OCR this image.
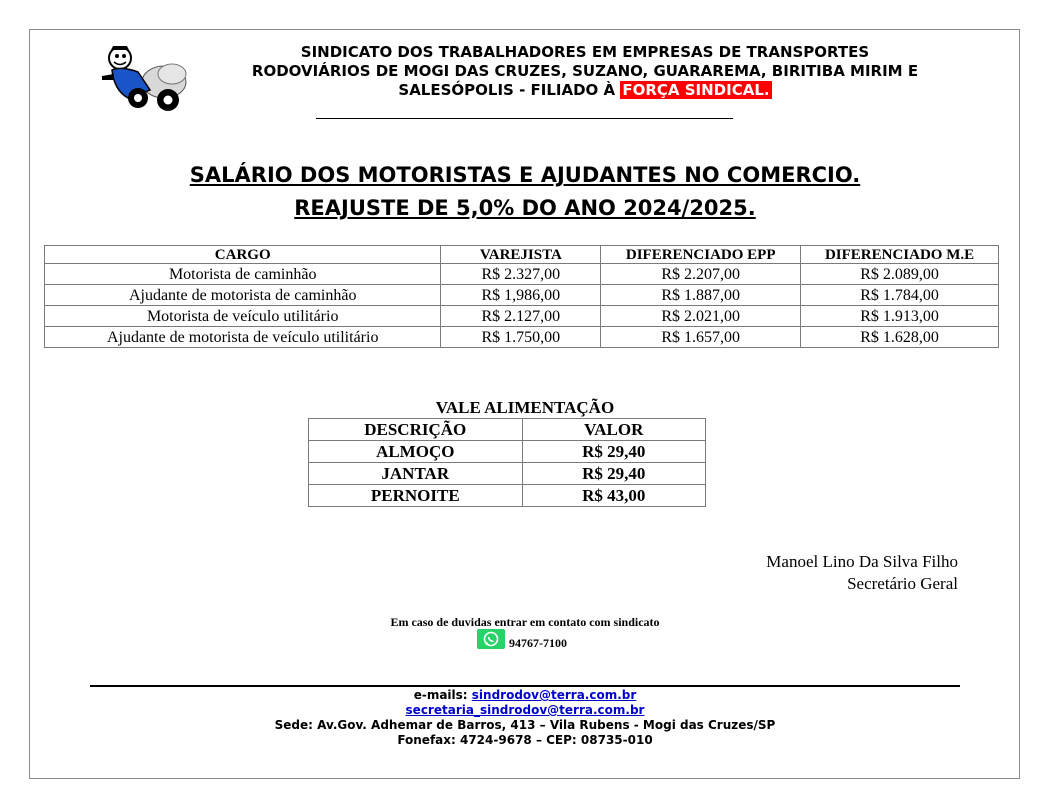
SINDICATO DOS TRABALHADORES EM EMPRESAS DE TRANSPORTES
RODOVIÁRIOS DE MOGI DAS CRUZES, SUZANO, GUARAREMA, BIRITIBA MIRIM E
SALESÓPOLIS - FILIADO À FORÇA SINDICAL.
SALÁRIO DOS MOTORISTAS E AJUDANTES NO COMERCIO.
REAJUSTE DE 5,0% DO ANO 2024/2025.
CARGO	VAREJISTA	DIFERENCIADO EPP	DIFERENCIADO M.E
Motorista de caminhão	R$ 2.327,00	R$ 2.207,00	R$ 2.089,00
Ajudante de motorista de caminhão	R$ 1,986,00	R$ 1.887,00	R$ 1.784,00
Motorista de veículo utilitário	R$ 2.127,00	R$ 2.021,00	R$ 1.913,00
Ajudante de motorista de veículo utilitário	R$ 1.750,00	R$ 1.657,00	R$ 1.628,00
VALE ALIMENTAÇÃO
DESCRIÇÃO	VALOR
ALMOÇO	R$ 29,40
JANTAR	R$ 29,40
PERNOITE	R$ 43,00
Manoel Lino Da Silva Filho
Secretário Geral
Em caso de duvidas entrar em contato com sindicato
94767-7100
e-mails: sindrodov@terra.com.br
secretaria_sindrodov@terra.com.br
Sede: Av.Gov. Adhemar de Barros, 413 – Vila Rubens - Mogi das Cruzes/SP
Fonefax: 4724-9678 – CEP: 08735-010
